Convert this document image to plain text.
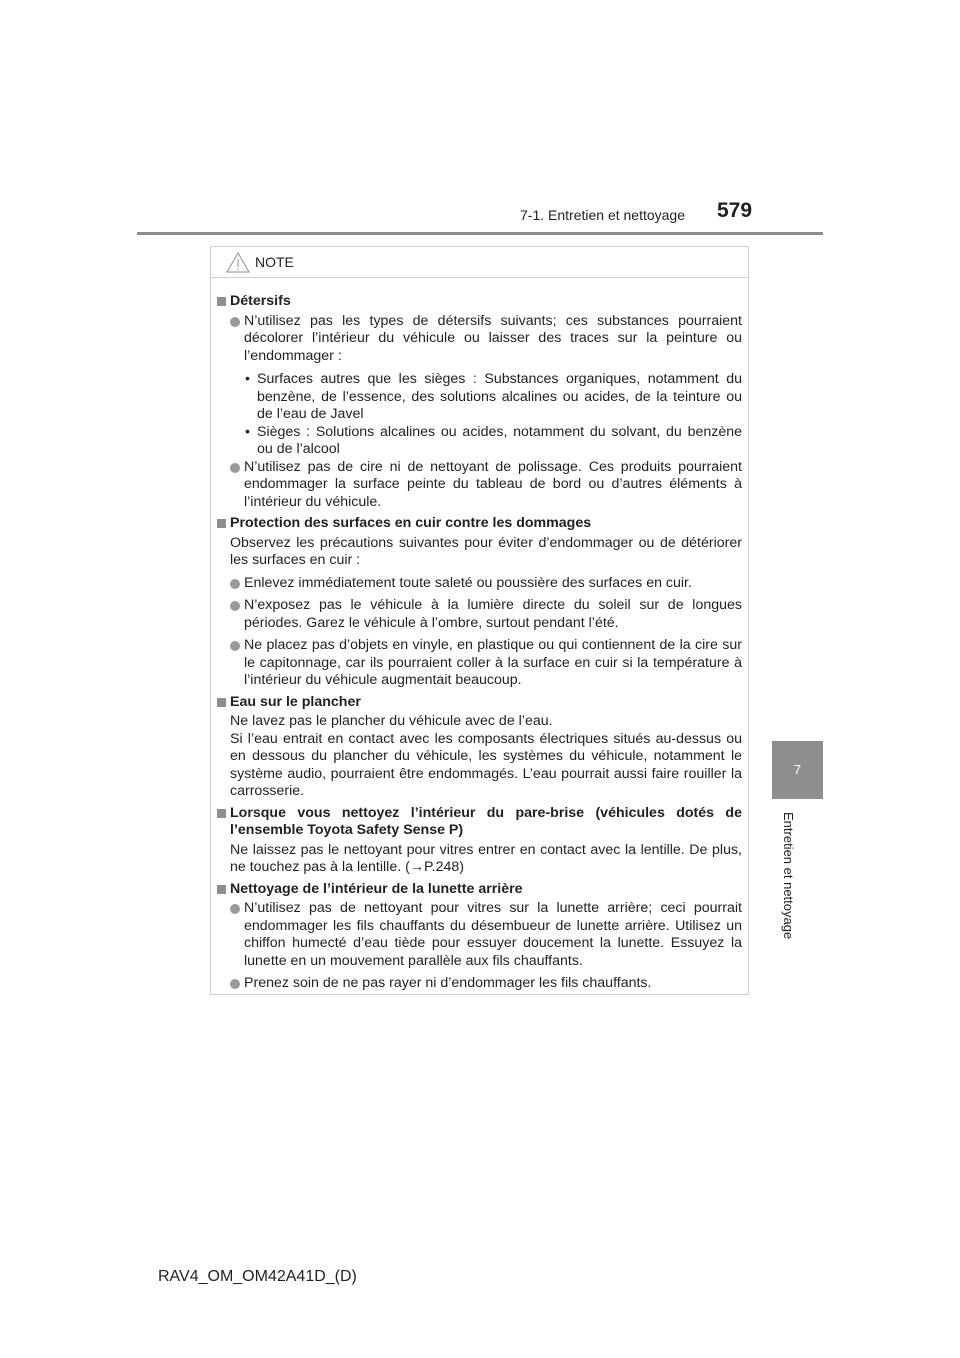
7-1. Entretien et nettoyage 579
7
Entretien et nettoyage
NOTE
Détersifs
N’utilisez pas les types de détersifs suivants; ces substances pourraient décolorer l’intérieur du véhicule ou laisser des traces sur la peinture ou l’endommager :
• Surfaces autres que les sièges : Substances organiques, notamment du benzène, de l’essence, des solutions alcalines ou acides, de la teinture ou de l’eau de Javel
• Sièges : Solutions alcalines ou acides, notamment du solvant, du benzène ou de l’alcool
N’utilisez pas de cire ni de nettoyant de polissage. Ces produits pourraient endommager la surface peinte du tableau de bord ou d’autres éléments à l’intérieur du véhicule.
Protection des surfaces en cuir contre les dommages
Observez les précautions suivantes pour éviter d’endommager ou de détériorer les surfaces en cuir :
Enlevez immédiatement toute saleté ou poussière des surfaces en cuir.
N’exposez pas le véhicule à la lumière directe du soleil sur de longues périodes. Garez le véhicule à l’ombre, surtout pendant l’été.
Ne placez pas d’objets en vinyle, en plastique ou qui contiennent de la cire sur le capitonnage, car ils pourraient coller à la surface en cuir si la température à l’intérieur du véhicule augmentait beaucoup.
Eau sur le plancher
Ne lavez pas le plancher du véhicule avec de l’eau.
Si l’eau entrait en contact avec les composants électriques situés au-dessus ou en dessous du plancher du véhicule, les systèmes du véhicule, notamment le système audio, pourraient être endommagés. L’eau pourrait aussi faire rouiller la carrosserie.
Lorsque vous nettoyez l’intérieur du pare-brise (véhicules dotés de l’ensemble Toyota Safety Sense P)
Ne laissez pas le nettoyant pour vitres entrer en contact avec la lentille. De plus, ne touchez pas à la lentille. (→P.248)
Nettoyage de l’intérieur de la lunette arrière
N’utilisez pas de nettoyant pour vitres sur la lunette arrière; ceci pourrait endommager les fils chauffants du désembueur de lunette arrière. Utilisez un chiffon humecté d’eau tiède pour essuyer doucement la lunette. Essuyez la lunette en un mouvement parallèle aux fils chauffants.
Prenez soin de ne pas rayer ni d’endommager les fils chauffants.
RAV4_OM_OM42A41D_(D)
